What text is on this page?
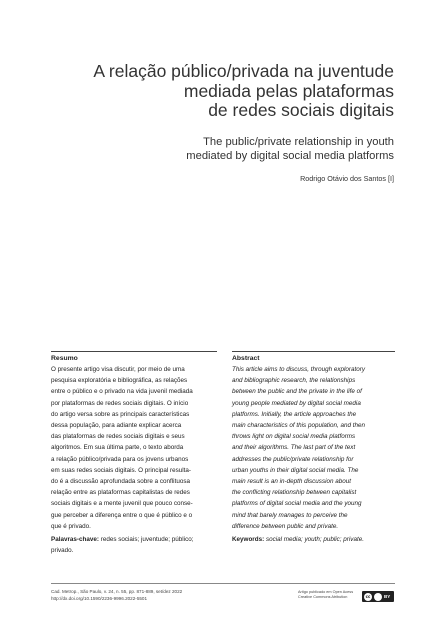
A relação público/privada na juventude
mediada pelas plataformas
de redes sociais digitais
The public/private relationship in youth
mediated by digital social media platforms
Rodrigo Otávio dos Santos [I]
Resumo
O presente artigo visa discutir, por meio de uma
pesquisa exploratória e bibliográfica, as relações
entre o público e o privado na vida juvenil mediada
por plataformas de redes sociais digitais. O início
do artigo versa sobre as principais características
dessa população, para adiante explicar acerca
das plataformas de redes sociais digitais e seus
algoritmos. Em sua última parte, o texto aborda
a relação público/privada para os jovens urbanos
em suas redes sociais digitais. O principal resulta-
do é a discussão aprofundada sobre a conflituosa
relação entre as plataformas capitalistas de redes
sociais digitais e a mente juvenil que pouco conse-
gue perceber a diferença entre o que é público e o
que é privado.
Palavras-chave: redes sociais; juventude; público;
privado.
Abstract
This article aims to discuss, through exploratory
and bibliographic research, the relationships
between the public and the private in the life of
young people mediated by digital social media
platforms. Initially, the article approaches the
main characteristics of this population, and then
throws light on digital social media platforms
and their algorithms. The last part of the text
addresses the public/private relationship for
urban youths in their digital social media. The
main result is an in-depth discussion about
the conflicting relationship between capitalist
platforms of digital social media and the young
mind that barely manages to perceive the
difference between public and private.
Keywords: social media; youth; public; private.
Cad. Metrop., São Paulo, v. 24, n. 55, pp. 871-889, set/dez 2022
http://dx.doi.org/10.1590/2236-9996.2022-5501
Artigo publicado em Open Acess
Creative Commons Atribution	cc	BY
